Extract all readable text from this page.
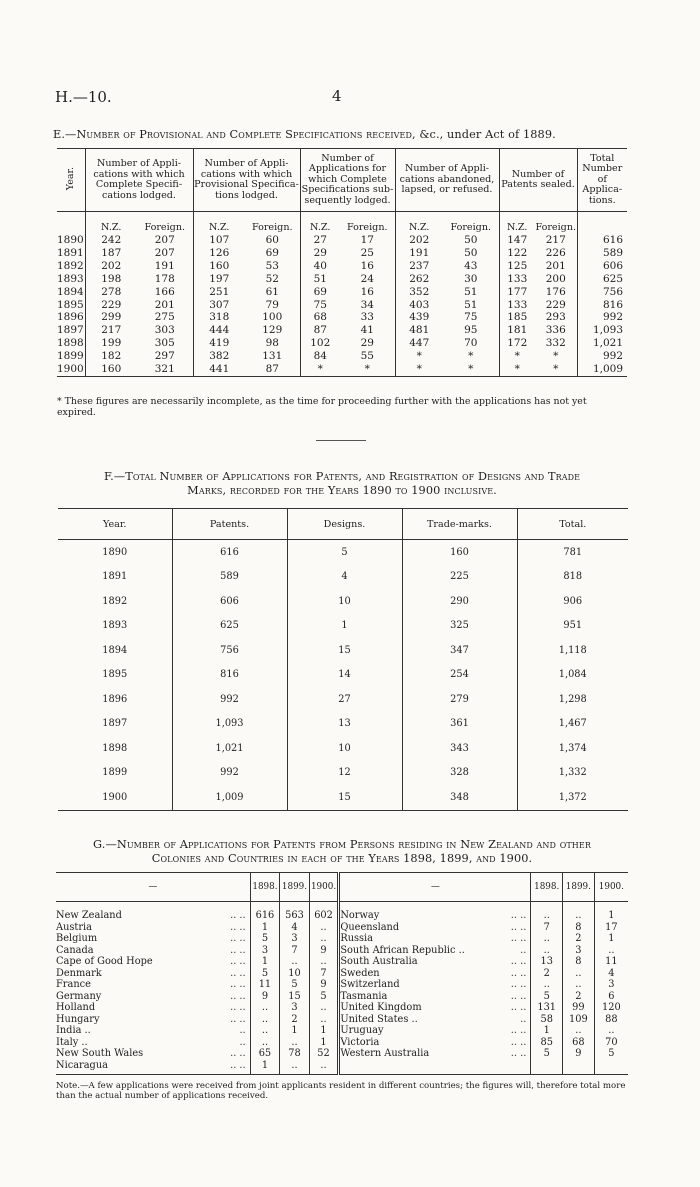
H.—10.	4
E.—Number of Provisional and Complete Specifications received, &c., under Act of 1889.
Year.	Number of Appli-cations with which Complete Specifi-cations lodged.		Number of Appli-cations with which Provisional Specifica-tions lodged.		Number of Applications for which Complete Specifications sub-sequently lodged.		Number of Appli-cations abandoned, lapsed, or refused.		Number of Patents sealed.		Total Number of Applica-tions.
	N.Z.	Foreign.	N.Z.	Foreign.	N.Z.	Foreign.	N.Z.	Foreign.	N.Z.	Foreign.	
1890	242	207	107	60	27	17	202	50	147	217	616
1891	187	207	126	69	29	25	191	50	122	226	589
1892	202	191	160	53	40	16	237	43	125	201	606
1893	198	178	197	52	51	24	262	30	133	200	625
1894	278	166	251	61	69	16	352	51	177	176	756
1895	229	201	307	79	75	34	403	51	133	229	816
1896	299	275	318	100	68	33	439	75	185	293	992
1897	217	303	444	129	87	41	481	95	181	336	1,093
1898	199	305	419	98	102	29	447	70	172	332	1,021
1899	182	297	382	131	84	55	*	*	*	*	992
1900	160	321	441	87	*	*	*	*	*	*	1,009
* These figures are necessarily incomplete, as the time for proceeding further with the applications has not yet expired.
F.—Total Number of Applications for Patents, and Registration of Designs and Trade
Marks, recorded for the Years 1890 to 1900 inclusive.
Year.	Patents.	Designs.	Trade-marks.	Total.
1890	616	5	160	781
1891	589	4	225	818
1892	606	10	290	906
1893	625	1	325	951
1894	756	15	347	1,118
1895	816	14	254	1,084
1896	992	27	279	1,298
1897	1,093	13	361	1,467
1898	1,021	10	343	1,374
1899	992	12	328	1,332
1900	1,009	15	348	1,372
G.—Number of Applications for Patents from Persons residing in New Zealand and other
Colonies and Countries in each of the Years 1898, 1899, and 1900.
—	1898.	1899.	1900.	—	1898.	1899.	1900.

New Zealand .. ..	616	563	602	Norway .. ..	..	..	1
Austria .. ..	1	4	..	Queensland .. ..	7	8	17
Belgium .. ..	5	3	..	Russia .. ..	..	2	1
Canada .. ..	3	7	9	South African Republic .. ..	..	3	..
Cape of Good Hope .. ..	1	..	..	South Australia .. ..	13	8	11
Denmark .. ..	5	10	7	Sweden .. ..	2	..	4
France .. ..	11	5	9	Switzerland .. ..	..	..	3
Germany .. ..	9	15	5	Tasmania .. ..	5	2	6
Holland .. ..	..	3	..	United Kingdom .. ..	131	99	120
Hungary .. ..	..	2	..	United States .. ..	58	109	88
India .. ..	..	1	1	Uruguay .. ..	1	..	..
Italy .. ..	..	..	1	Victoria .. ..	85	68	70
New South Wales .. ..	65	78	52	Western Australia .. ..	5	9	5
Nicaragua .. ..	1	..	..				
Note.—A few applications were received from joint applicants resident in different countries; the figures will, therefore total more than the actual number of applications received.
